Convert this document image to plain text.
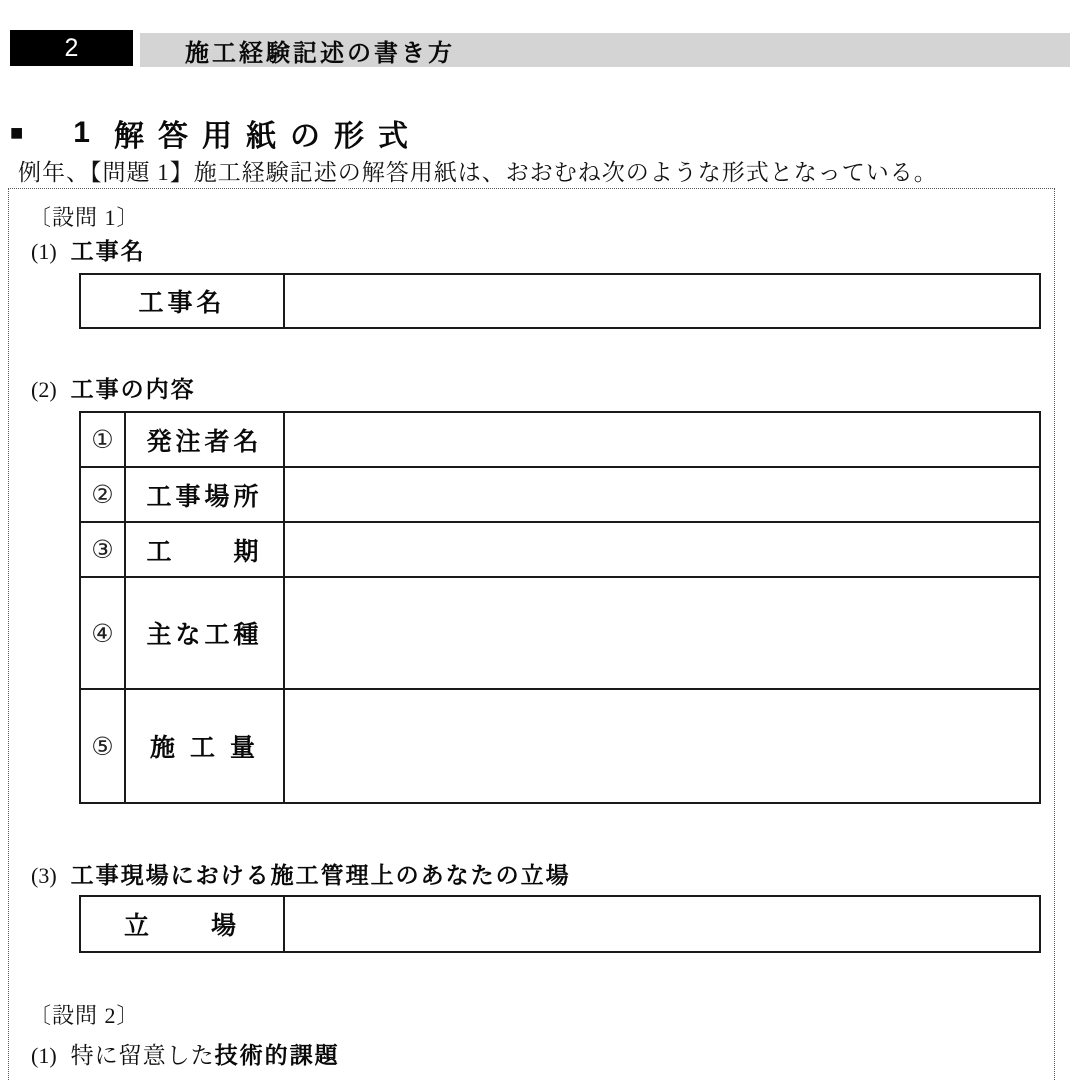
2	施工経験記述の書き方
■ 1 解答用紙の形式

例年、【問題 1】施工経験記述の解答用紙は、おおむね次のような形式となっている。

〔設問 1〕
(1) 工事名
工事名
(2) 工事の内容
①	発注者名
②	工事場所
③	工　　期
④	主な工種
⑤	施 工 量
(3) 工事現場における施工管理上のあなたの立場
立　　場
〔設問 2〕
(1) 特に留意した 技術的課題
